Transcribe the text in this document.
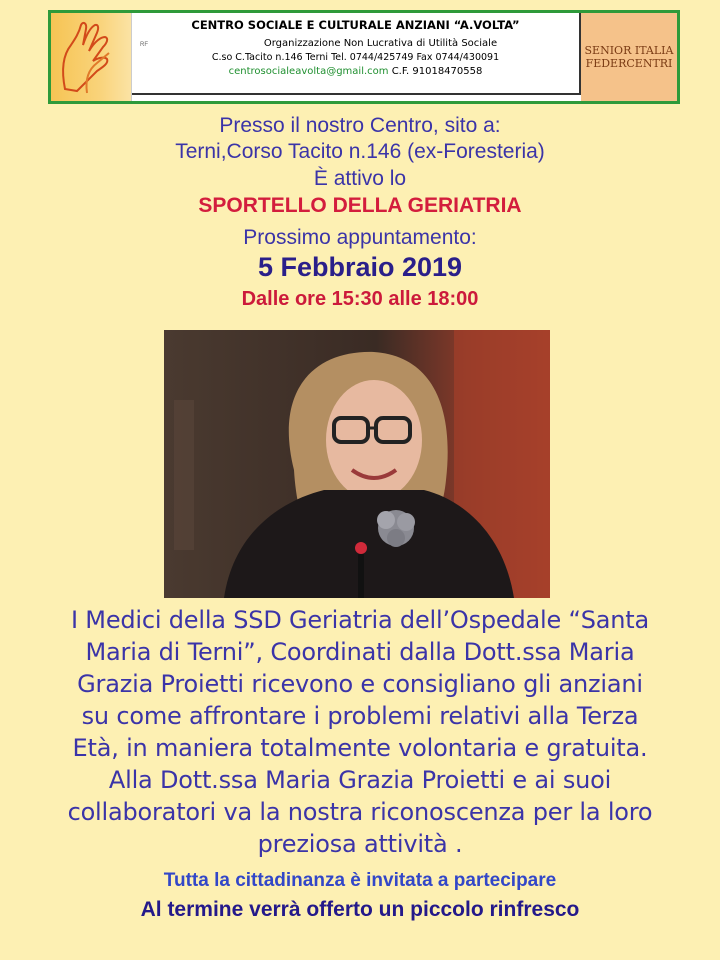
CENTRO SOCIALE E CULTURALE ANZIANI “A.VOLTA”
Organizzazione Non Lucrativa di Utilità Sociale
C.so C.Tacito n.146 Terni Tel. 0744/425749 Fax 0744/430091
centrosocialeavolta@gmail.com C.F. 91018470558
SENIOR ITALIA
FEDERCENTRI
RF
Presso il nostro Centro, sito a:
Terni,Corso Tacito n.146 (ex-Foresteria)
È attivo lo
SPORTELLO DELLA GERIATRIA
Prossimo appuntamento:
5 Febbraio 2019
Dalle ore 15:30 alle 18:00
I Medici della SSD Geriatria dell’Ospedale “Santa
Maria di Terni”, Coordinati dalla Dott.ssa Maria
Grazia Proietti ricevono e consigliano gli anziani
su come affrontare i problemi relativi alla Terza
Età, in maniera totalmente volontaria e gratuita.
Alla Dott.ssa Maria Grazia Proietti e ai suoi
collaboratori va la nostra riconoscenza per la loro
preziosa attività .
Tutta la cittadinanza è invitata a partecipare
Al termine verrà offerto un piccolo rinfresco
